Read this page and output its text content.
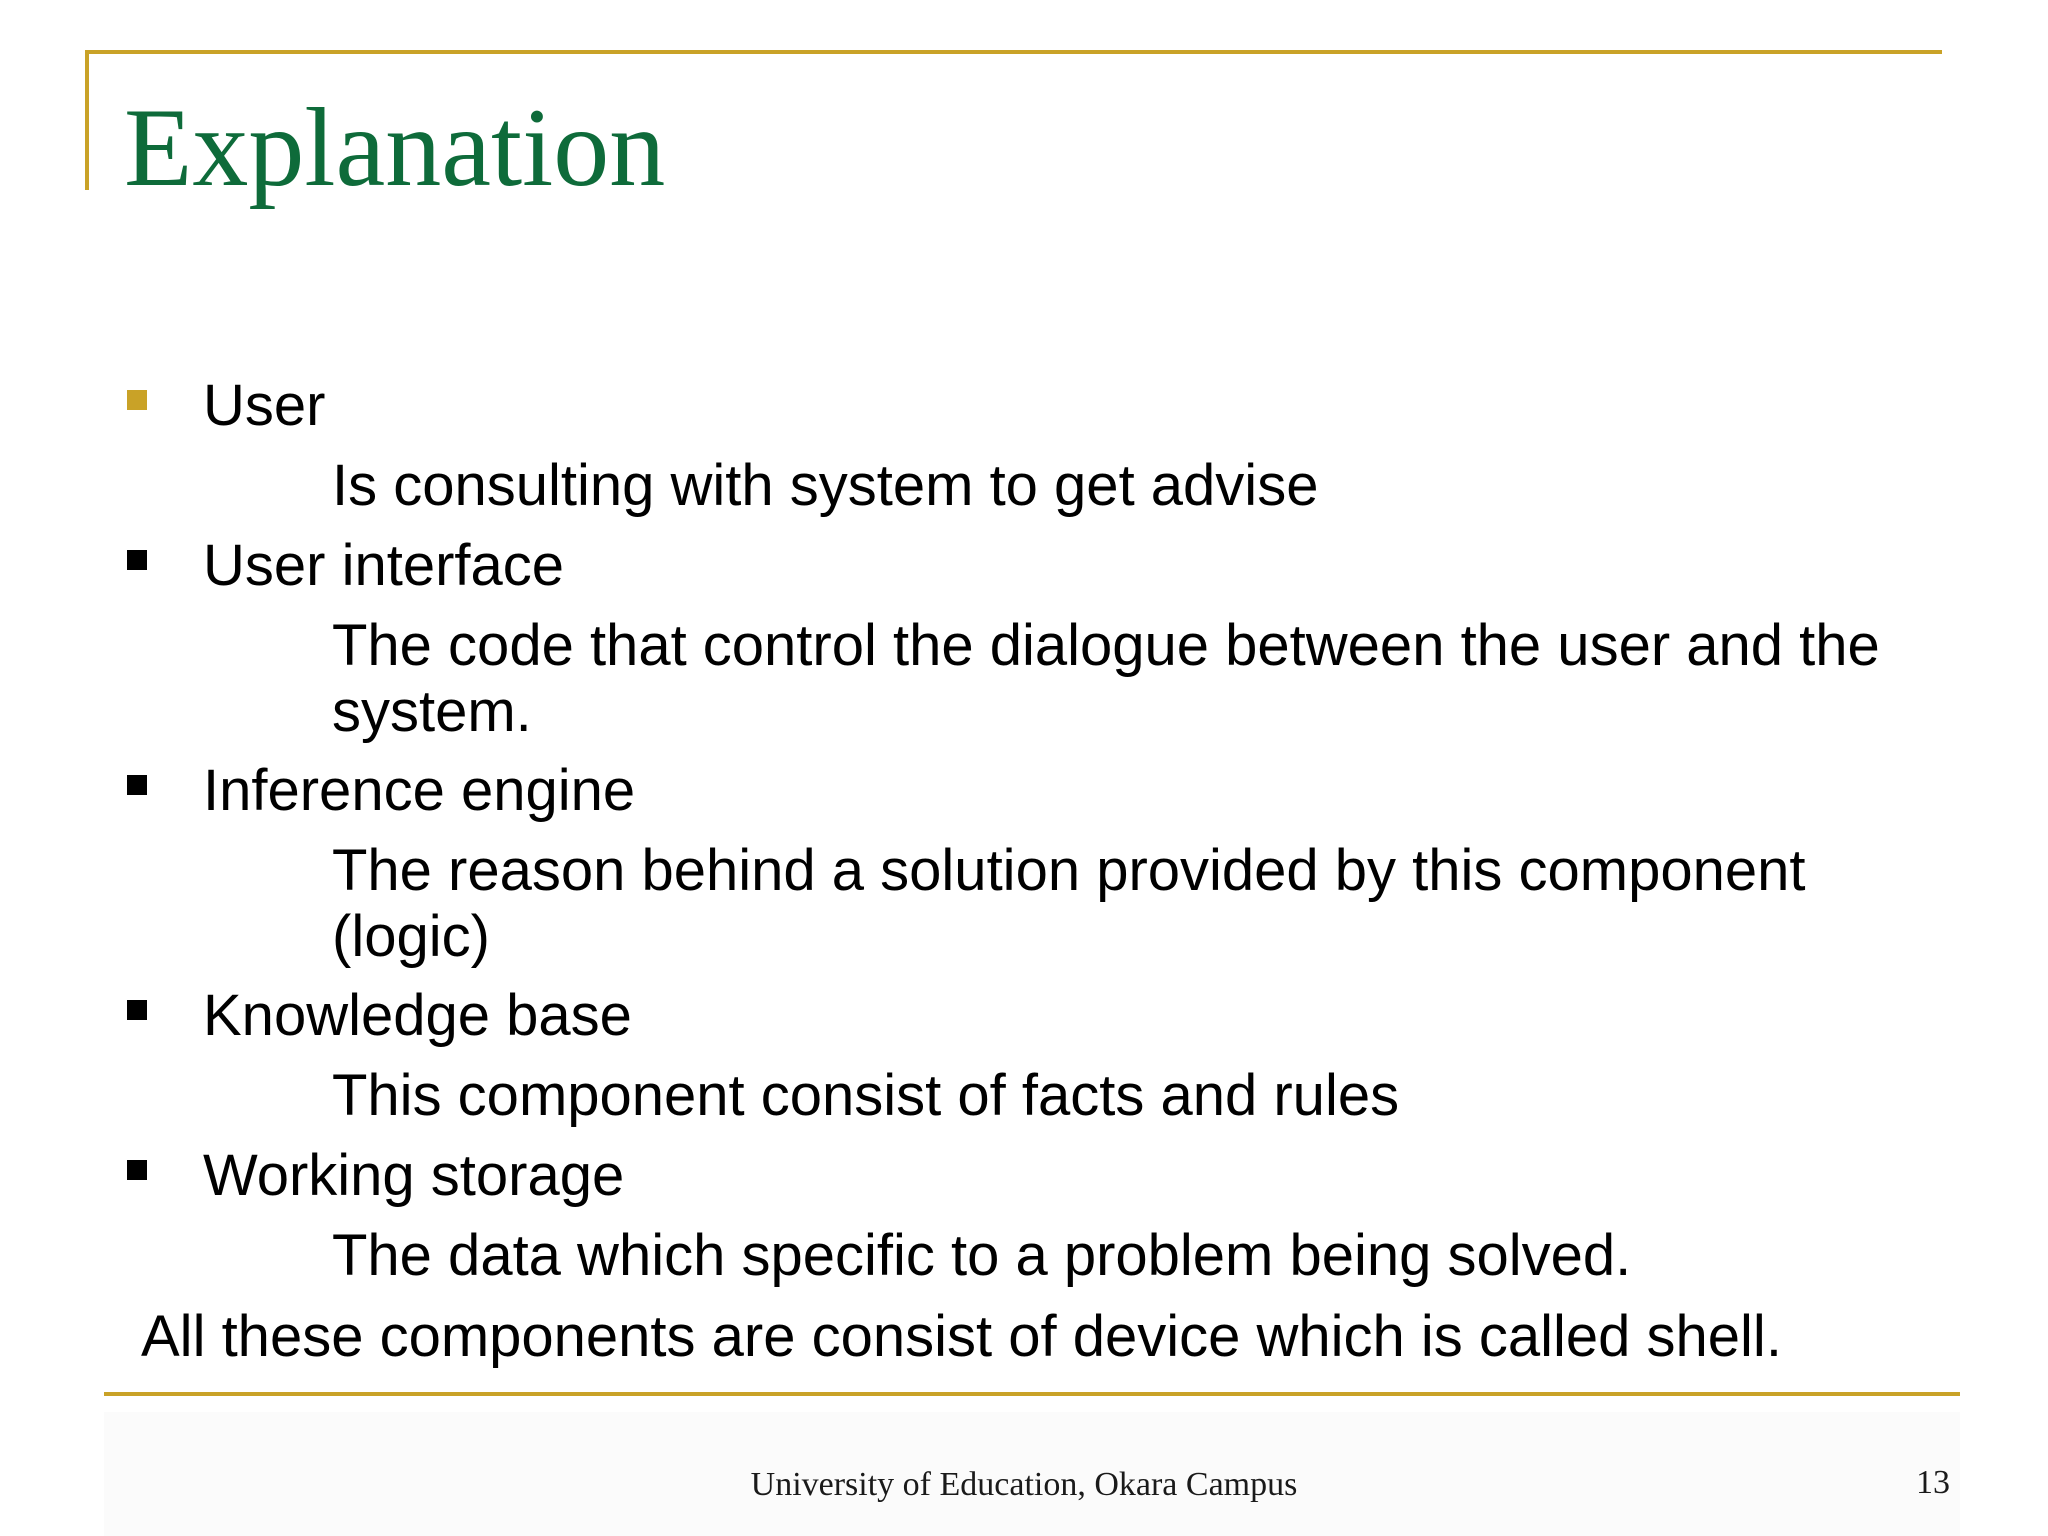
Explanation
User
Is consulting with system to get advise
User interface
The code that control the dialogue between the user and the system.
Inference engine
The reason behind a solution provided by this component (logic)
Knowledge base
This component consist of facts and rules
Working storage
The data which specific to a problem being solved.
All these components are consist of device which is called shell.
University of Education, Okara Campus	13
